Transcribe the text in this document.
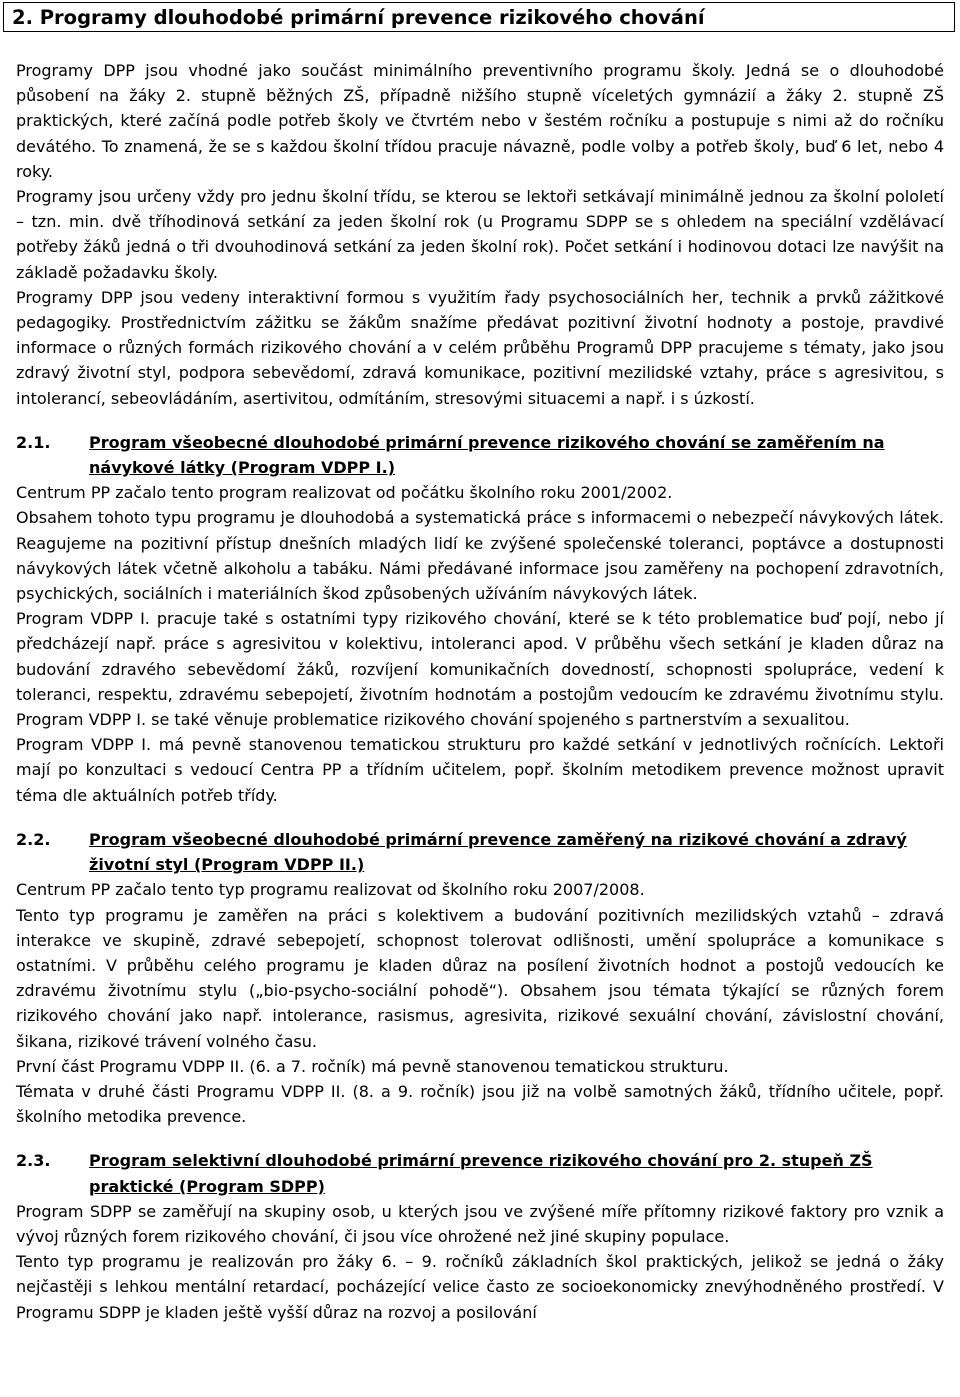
2. Programy dlouhodobé primární prevence rizikového chování

Programy DPP jsou vhodné jako součást minimálního preventivního programu školy. Jedná se o dlouhodobé působení na žáky 2. stupně běžných ZŠ, případně nižšího stupně víceletých gymnázií a žáky 2. stupně ZŠ praktických, které začíná podle potřeb školy ve čtvrtém nebo v šestém ročníku a postupuje s nimi až do ročníku devátého. To znamená, že se s každou školní třídou pracuje návazně, podle volby a potřeb školy, buď 6 let, nebo 4 roky.

Programy jsou určeny vždy pro jednu školní třídu, se kterou se lektoři setkávají minimálně jednou za školní pololetí – tzn. min. dvě tříhodinová setkání za jeden školní rok (u Programu SDPP se s ohledem na speciální vzdělávací potřeby žáků jedná o tři dvouhodinová setkání za jeden školní rok). Počet setkání i hodinovou dotaci lze navýšit na základě požadavku školy.

Programy DPP jsou vedeny interaktivní formou s využitím řady psychosociálních her, technik a prvků zážitkové pedagogiky. Prostřednictvím zážitku se žákům snažíme předávat pozitivní životní hodnoty a postoje, pravdivé informace o různých formách rizikového chování a v celém průběhu Programů DPP pracujeme s tématy, jako jsou zdravý životní styl, podpora sebevědomí, zdravá komunikace, pozitivní mezilidské vztahy, práce s agresivitou, s intolerancí, sebeovládáním, asertivitou, odmítáním, stresovými situacemi a např. i s úzkostí.

2.1. Program všeobecné dlouhodobé primární prevence rizikového chování se zaměřením na návykové látky (Program VDPP I.)

Centrum PP začalo tento program realizovat od počátku školního roku 2001/2002.

Obsahem tohoto typu programu je dlouhodobá a systematická práce s informacemi o nebezpečí návykových látek. Reagujeme na pozitivní přístup dnešních mladých lidí ke zvýšené společenské toleranci, poptávce a dostupnosti návykových látek včetně alkoholu a tabáku. Námi předávané informace jsou zaměřeny na pochopení zdravotních, psychických, sociálních i materiálních škod způsobených užíváním návykových látek.

Program VDPP I. pracuje také s ostatními typy rizikového chování, které se k této problematice buď pojí, nebo jí předcházejí např. práce s agresivitou v kolektivu, intoleranci apod. V průběhu všech setkání je kladen důraz na budování zdravého sebevědomí žáků, rozvíjení komunikačních dovedností, schopnosti spolupráce, vedení k toleranci, respektu, zdravému sebepojetí, životním hodnotám a postojům vedoucím ke zdravému životnímu stylu. Program VDPP I. se také věnuje problematice rizikového chování spojeného s partnerstvím a sexualitou.

Program VDPP I. má pevně stanovenou tematickou strukturu pro každé setkání v jednotlivých ročnících. Lektoři mají po konzultaci s vedoucí Centra PP a třídním učitelem, popř. školním metodikem prevence možnost upravit téma dle aktuálních potřeb třídy.

2.2. Program všeobecné dlouhodobé primární prevence zaměřený na rizikové chování a zdravý životní styl (Program VDPP II.)

Centrum PP začalo tento typ programu realizovat od školního roku 2007/2008.

Tento typ programu je zaměřen na práci s kolektivem a budování pozitivních mezilidských vztahů – zdravá interakce ve skupině, zdravé sebepojetí, schopnost tolerovat odlišnosti, umění spolupráce a komunikace s ostatními. V průběhu celého programu je kladen důraz na posílení životních hodnot a postojů vedoucích ke zdravému životnímu stylu („bio-psycho-sociální pohodě“). Obsahem jsou témata týkající se různých forem rizikového chování jako např. intolerance, rasismus, agresivita, rizikové sexuální chování, závislostní chování, šikana, rizikové trávení volného času.

První část Programu VDPP II. (6. a 7. ročník) má pevně stanovenou tematickou strukturu.

Témata v druhé části Programu VDPP II. (8. a 9. ročník) jsou již na volbě samotných žáků, třídního učitele, popř. školního metodika prevence.

2.3. Program selektivní dlouhodobé primární prevence rizikového chování pro 2. stupeň ZŠ praktické (Program SDPP)

Program SDPP se zaměřují na skupiny osob, u kterých jsou ve zvýšené míře přítomny rizikové faktory pro vznik a vývoj různých forem rizikového chování, či jsou více ohrožené než jiné skupiny populace.

Tento typ programu je realizován pro žáky 6. – 9. ročníků základních škol praktických, jelikož se jedná o žáky nejčastěji s lehkou mentální retardací, pocházející velice často ze socioekonomicky znevýhodněného prostředí. V Programu SDPP je kladen ještě vyšší důraz na rozvoj a posilování
